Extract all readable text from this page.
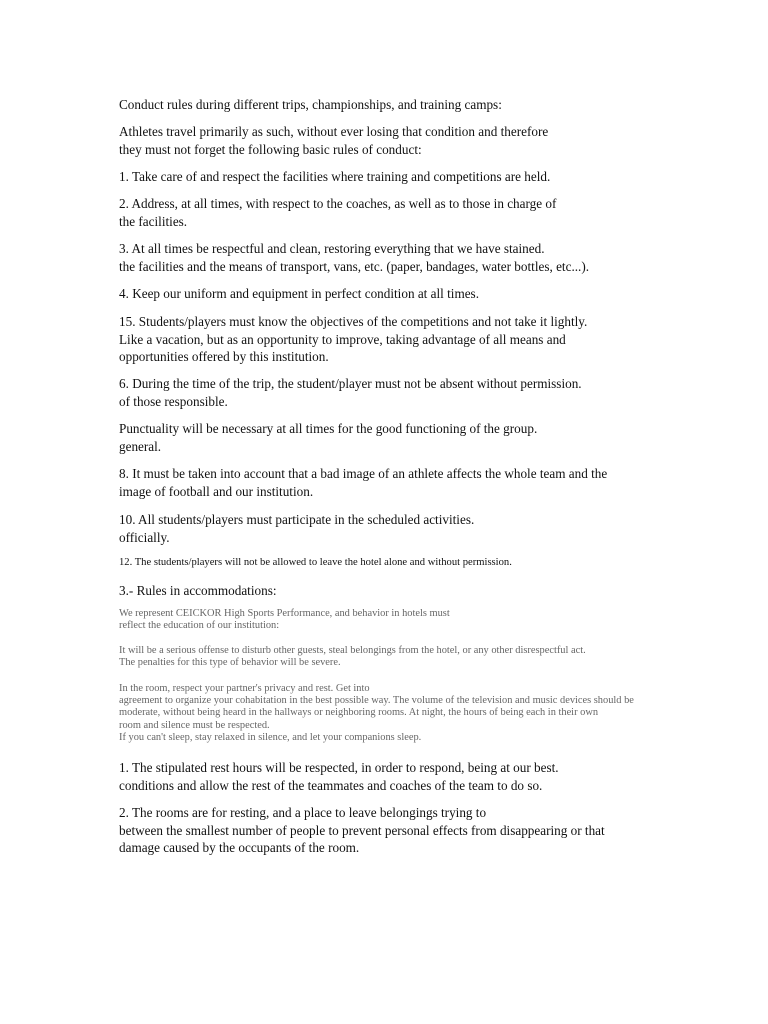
Conduct rules during different trips, championships, and training camps:
Athletes travel primarily as such, without ever losing that condition and therefore
they must not forget the following basic rules of conduct:
1. Take care of and respect the facilities where training and competitions are held.
2. Address, at all times, with respect to the coaches, as well as to those in charge of
the facilities.
3. At all times be respectful and clean, restoring everything that we have stained.
the facilities and the means of transport, vans, etc. (paper, bandages, water bottles, etc...).
4. Keep our uniform and equipment in perfect condition at all times.
15. Students/players must know the objectives of the competitions and not take it lightly.
Like a vacation, but as an opportunity to improve, taking advantage of all means and
opportunities offered by this institution.
6. During the time of the trip, the student/player must not be absent without permission.
of those responsible.
Punctuality will be necessary at all times for the good functioning of the group.
general.
8. It must be taken into account that a bad image of an athlete affects the whole team and the
image of football and our institution.
10. All students/players must participate in the scheduled activities.
officially.
12. The students/players will not be allowed to leave the hotel alone and without permission.
3.- Rules in accommodations:
We represent CEICKOR High Sports Performance, and behavior in hotels must
reflect the education of our institution:
It will be a serious offense to disturb other guests, steal belongings from the hotel, or any other disrespectful act.
The penalties for this type of behavior will be severe.
In the room, respect your partner's privacy and rest. Get into
agreement to organize your cohabitation in the best possible way. The volume of the television and music devices should be
moderate, without being heard in the hallways or neighboring rooms. At night, the hours of being each in their own
room and silence must be respected.
If you can't sleep, stay relaxed in silence, and let your companions sleep.
1. The stipulated rest hours will be respected, in order to respond, being at our best.
conditions and allow the rest of the teammates and coaches of the team to do so.
2. The rooms are for resting, and a place to leave belongings trying to
between the smallest number of people to prevent personal effects from disappearing or that
damage caused by the occupants of the room.
